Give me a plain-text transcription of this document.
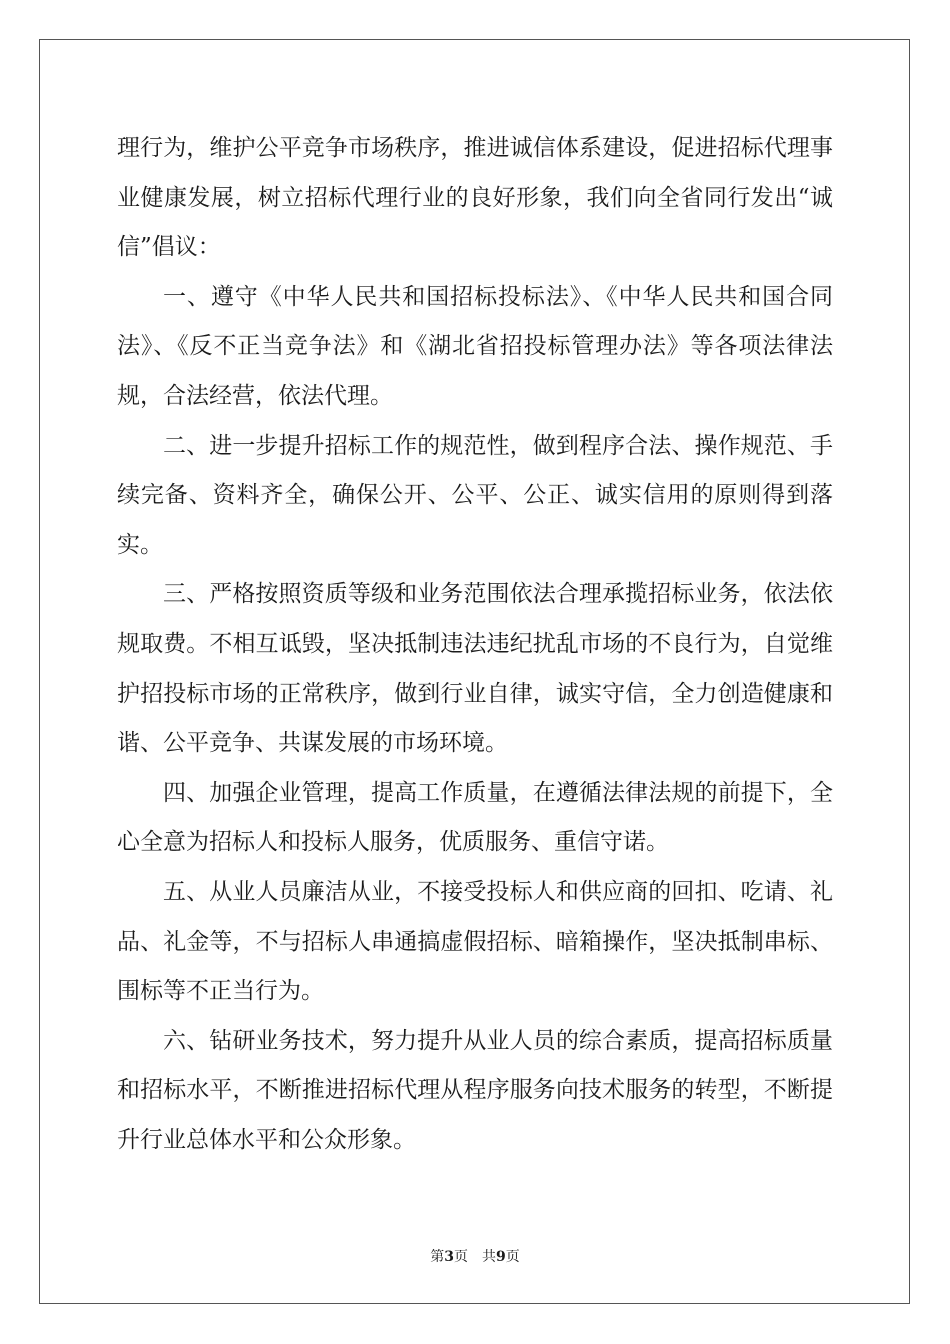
理行为，维护公平竞争市场秩序，推进诚信体系建设，促进招标代理事业健康发展，树立招标代理行业的良好形象，我们向全省同行发出“诚信”倡议：

一、遵守《中华人民共和国招标投标法》、《中华人民共和国合同法》、《反不正当竞争法》和《湖北省招投标管理办法》等各项法律法规，合法经营，依法代理。

二、进一步提升招标工作的规范性，做到程序合法、操作规范、手续完备、资料齐全，确保公开、公平、公正、诚实信用的原则得到落实。

三、严格按照资质等级和业务范围依法合理承揽招标业务，依法依规取费。不相互诋毁，坚决抵制违法违纪扰乱市场的不良行为，自觉维护招投标市场的正常秩序，做到行业自律，诚实守信，全力创造健康和谐、公平竞争、共谋发展的市场环境。

四、加强企业管理，提高工作质量，在遵循法律法规的前提下，全心全意为招标人和投标人服务，优质服务、重信守诺。

五、从业人员廉洁从业，不接受投标人和供应商的回扣、吃请、礼品、礼金等，不与招标人串通搞虚假招标、暗箱操作，坚决抵制串标、围标等不正当行为。

六、钻研业务技术，努力提升从业人员的综合素质，提高招标质量和招标水平，不断推进招标代理从程序服务向技术服务的转型，不断提升行业总体水平和公众形象。

第3页　共9页
